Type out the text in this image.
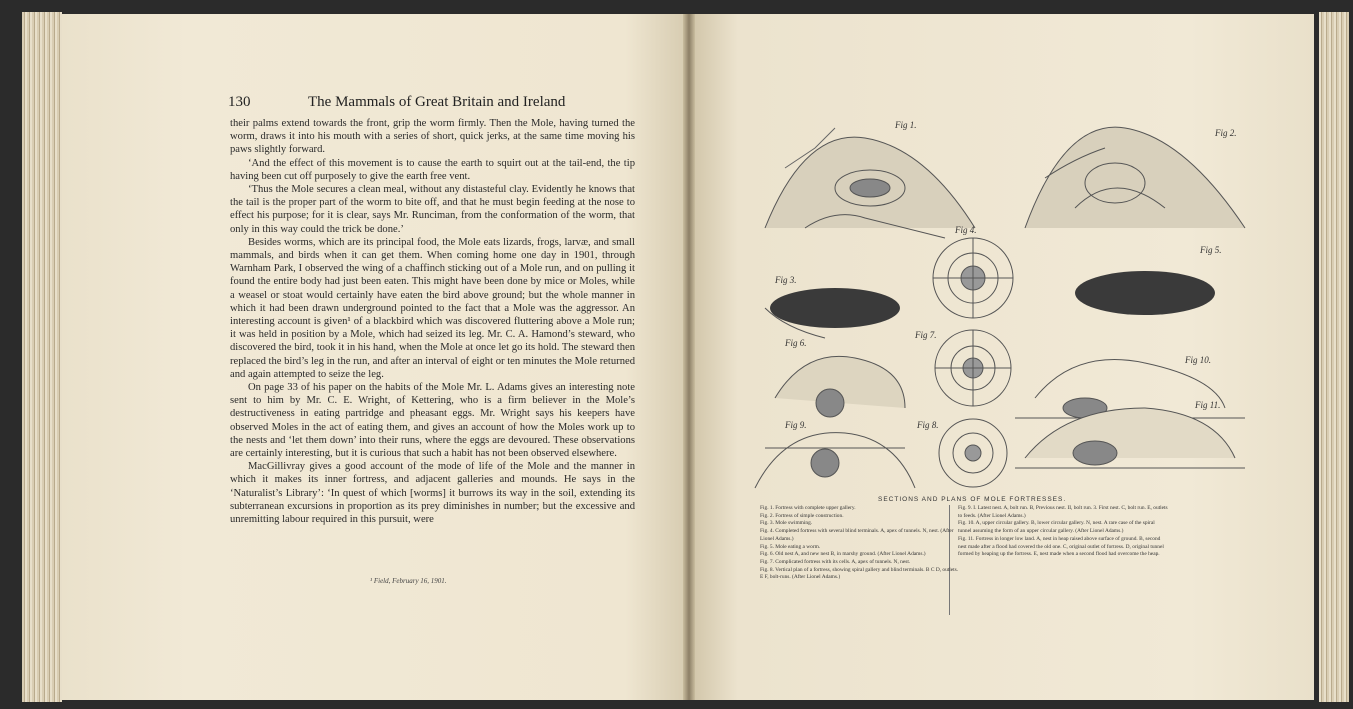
130	The Mammals of Great Britain and Ireland

their palms extend towards the front, grip the worm firmly. Then the Mole, having turned the worm, draws it into his mouth with a series of short, quick jerks, at the same time moving his paws slightly forward.

‘And the effect of this movement is to cause the earth to squirt out at the tail-end, the tip having been cut off purposely to give the earth free vent.

‘Thus the Mole secures a clean meal, without any distasteful clay. Evidently he knows that the tail is the proper part of the worm to bite off, and that he must begin feeding at the nose to effect his purpose; for it is clear, says Mr. Runciman, from the conformation of the worm, that only in this way could the trick be done.’

Besides worms, which are its principal food, the Mole eats lizards, frogs, larvæ, and small mammals, and birds when it can get them. When coming home one day in 1901, through Warnham Park, I observed the wing of a chaffinch sticking out of a Mole run, and on pulling it found the entire body had just been eaten. This might have been done by mice or Moles, while a weasel or stoat would certainly have eaten the bird above ground; but the whole manner in which it had been drawn underground pointed to the fact that a Mole was the aggressor. An interesting account is given¹ of a blackbird which was discovered fluttering above a Mole run; it was held in position by a Mole, which had seized its leg. Mr. C. A. Hamond’s steward, who discovered the bird, took it in his hand, when the Mole at once let go its hold. The steward then replaced the bird’s leg in the run, and after an interval of eight or ten minutes the Mole returned and again attempted to seize the leg.

On page 33 of his paper on the habits of the Mole Mr. L. Adams gives an interesting note sent to him by Mr. C. E. Wright, of Kettering, who is a firm believer in the Mole’s destructiveness in eating partridge and pheasant eggs. Mr. Wright says his keepers have observed Moles in the act of eating them, and gives an account of how the Moles work up to the nests and ‘let them down’ into their runs, where the eggs are devoured. These observations are certainly interesting, but it is curious that such a habit has not been observed elsewhere.

MacGillivray gives a good account of the mode of life of the Mole and the manner in which it makes its inner fortress, and adjacent galleries and mounds. He says in the ‘Naturalist’s Library’: ‘In quest of which [worms] it burrows its way in the soil, extending its subterranean excursions in proportion as its prey diminishes in number; but the excessive and unremitting labour required in this pursuit, were

¹ Field, February 16, 1901.
Fig 1.
Fig 2.
Fig 3.
Fig 4.
Fig 5.
Fig 6.
Fig 7.
Fig 8.
Fig 9.
Fig 10.
Fig 11.
SECTIONS AND PLANS OF MOLE FORTRESSES.
Fig. 1. Fortress with complete upper gallery.
Fig. 2. Fortress of simple construction.
Fig. 3. Mole swimming.
Fig. 4. Completed fortress with several blind terminals. A, apex of tunnels. N, nest. (After Lionel Adams.)
Fig. 5. Mole eating a worm.
Fig. 6. Old nest A, and new nest B, in marshy ground. (After Lionel Adams.)
Fig. 7. Complicated fortress with its cells. A, apex of tunnels. N, nest.
Fig. 8. Vertical plan of a fortress, showing spiral gallery and blind terminals. B C D, outlets. E F, bolt-runs. (After Lionel Adams.)
Fig. 9. I. Latest nest. A, bolt run. B, Previous nest. II, bolt run. 3. First nest. C, bolt run. E, outlets to feeds. (After Lionel Adams.)
Fig. 10. A, upper circular gallery. B, lower circular gallery. N, nest. A rare case of the spiral tunnel assuming the form of an upper circular gallery. (After Lionel Adams.)
Fig. 11. Fortress in longer low land. A, nest in heap raised above surface of ground. B, second nest made after a flood had covered the old one. C, original outlet of fortress. D, original tunnel formed by heaping up the fortress. E, nest made when a second flood had overcome the heap.
